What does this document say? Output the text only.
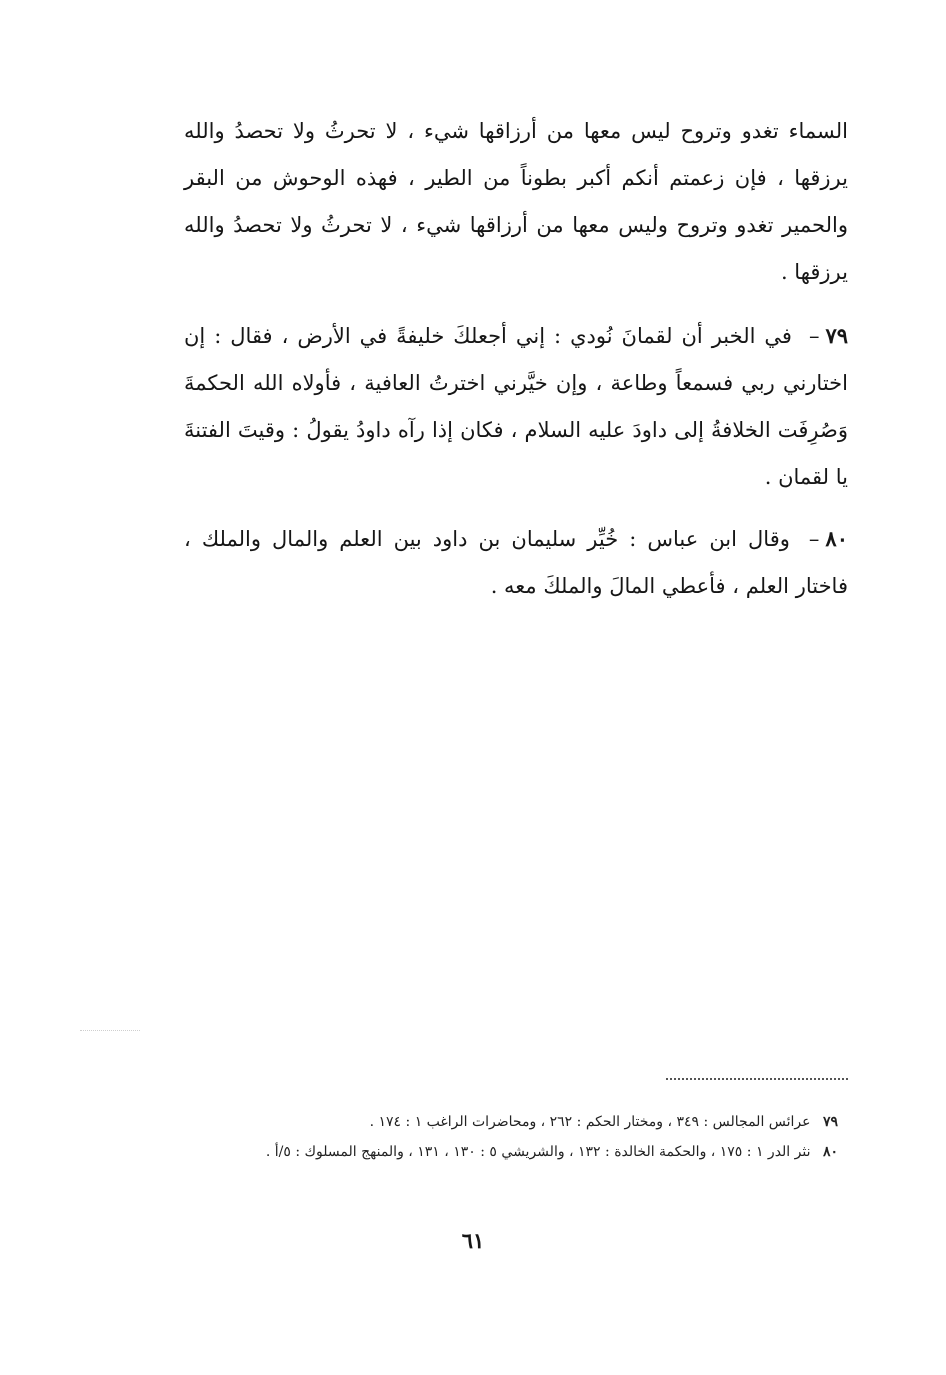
السماء تغدو وتروح ليس معها من أرزاقها شيء ، لا تحرثُ ولا تحصدُ والله يرزقها ، فإن زعمتم أنكم أكبر بطوناً من الطير ، فهذه الوحوش من البقر والحمير تغدو وتروح وليس معها من أرزاقها شيء ، لا تحرثُ ولا تحصدُ والله يرزقها .

٧٩– في الخبر أن لقمانَ نُودي : إني أجعلكَ خليفةً في الأرض ، فقال : إن اختارني ربي فسمعاً وطاعة ، وإن خيَّرني اخترتُ العافية ، فأولاه الله الحكمةَ وَصُرِفَت الخلافةُ إلى داودَ عليه السلام ، فكان إذا رآه داودُ يقولُ : وقيتَ الفتنةَ يا لقمان .

٨٠– وقال ابن عباس : خُيِّر سليمان بن داود بين العلم والمال والملك ، فاختار العلم ، فأعطي المالَ والملكَ معه .

٧٩ عرائس المجالس : ٣٤٩ ، ومختار الحكم : ٢٦٢ ، ومحاضرات الراغب ١ : ١٧٤ .

٨٠ نثر الدر ١ : ١٧٥ ، والحكمة الخالدة : ١٣٢ ، والشريشي ٥ : ١٣٠ ، ١٣١ ، والمنهج المسلوك : ٥/أ .

٦١
